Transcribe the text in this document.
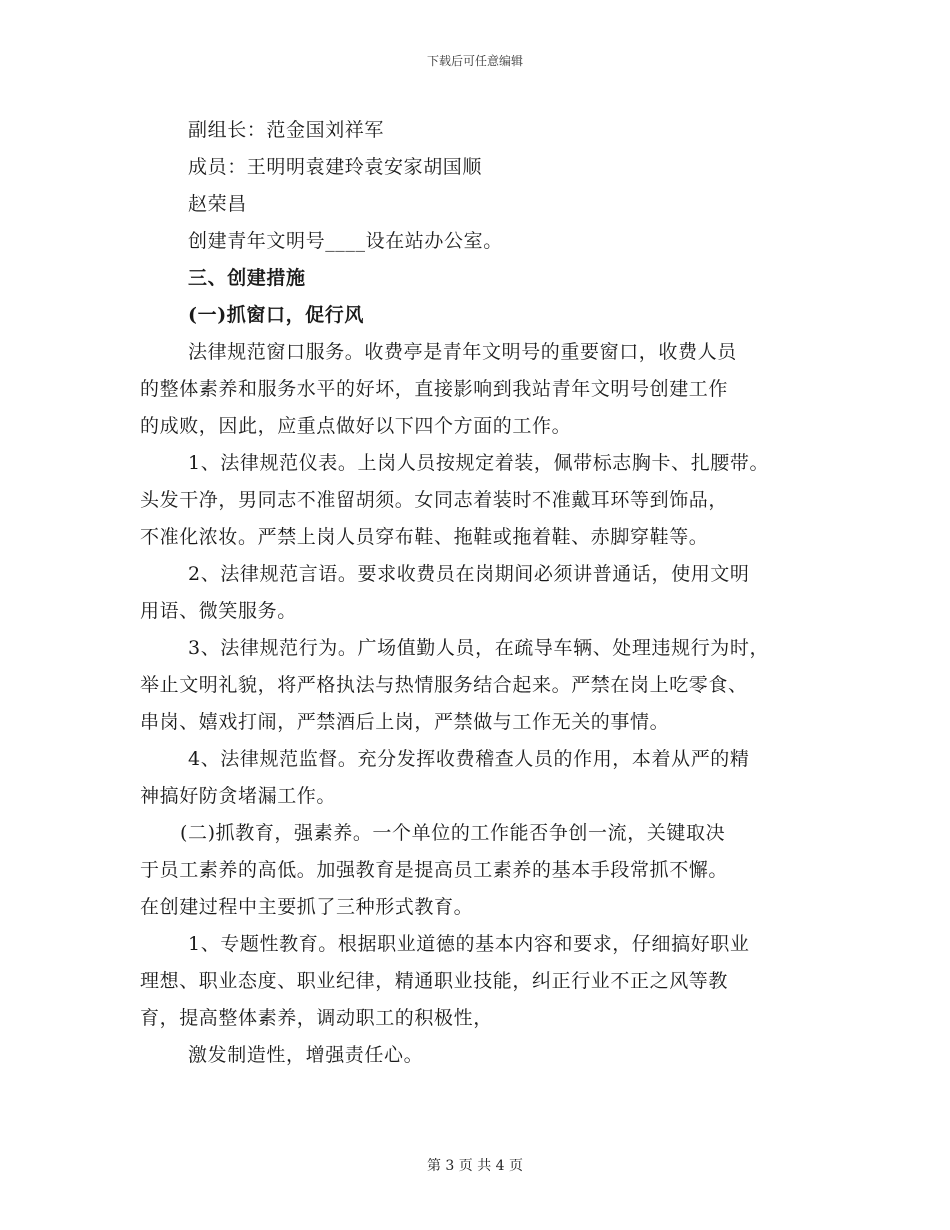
下载后可任意编辑
副组长：范金国刘祥军
成员：王明明袁建玲袁安家胡国顺
赵荣昌
创建青年文明号____设在站办公室。
三、创建措施
(一)抓窗口，促行风
法律规范窗口服务。收费亭是青年文明号的重要窗口，收费人员
的整体素养和服务水平的好坏，直接影响到我站青年文明号创建工作
的成败，因此，应重点做好以下四个方面的工作。
1、法律规范仪表。上岗人员按规定着装，佩带标志胸卡、扎腰带。
头发干净，男同志不准留胡须。女同志着装时不准戴耳环等到饰品，
不准化浓妆。严禁上岗人员穿布鞋、拖鞋或拖着鞋、赤脚穿鞋等。
2、法律规范言语。要求收费员在岗期间必须讲普通话，使用文明
用语、微笑服务。
3、法律规范行为。广场值勤人员，在疏导车辆、处理违规行为时，
举止文明礼貌，将严格执法与热情服务结合起来。严禁在岗上吃零食、
串岗、嬉戏打闹，严禁酒后上岗，严禁做与工作无关的事情。
4、法律规范监督。充分发挥收费稽查人员的作用，本着从严的精
神搞好防贪堵漏工作。
(二)抓教育，强素养。一个单位的工作能否争创一流，关键取决
于员工素养的高低。加强教育是提高员工素养的基本手段常抓不懈。
在创建过程中主要抓了三种形式教育。
1、专题性教育。根据职业道德的基本内容和要求，仔细搞好职业
理想、职业态度、职业纪律，精通职业技能，纠正行业不正之风等教
育，提高整体素养，调动职工的积极性，
激发制造性，增强责任心。
第 3 页 共 4 页
